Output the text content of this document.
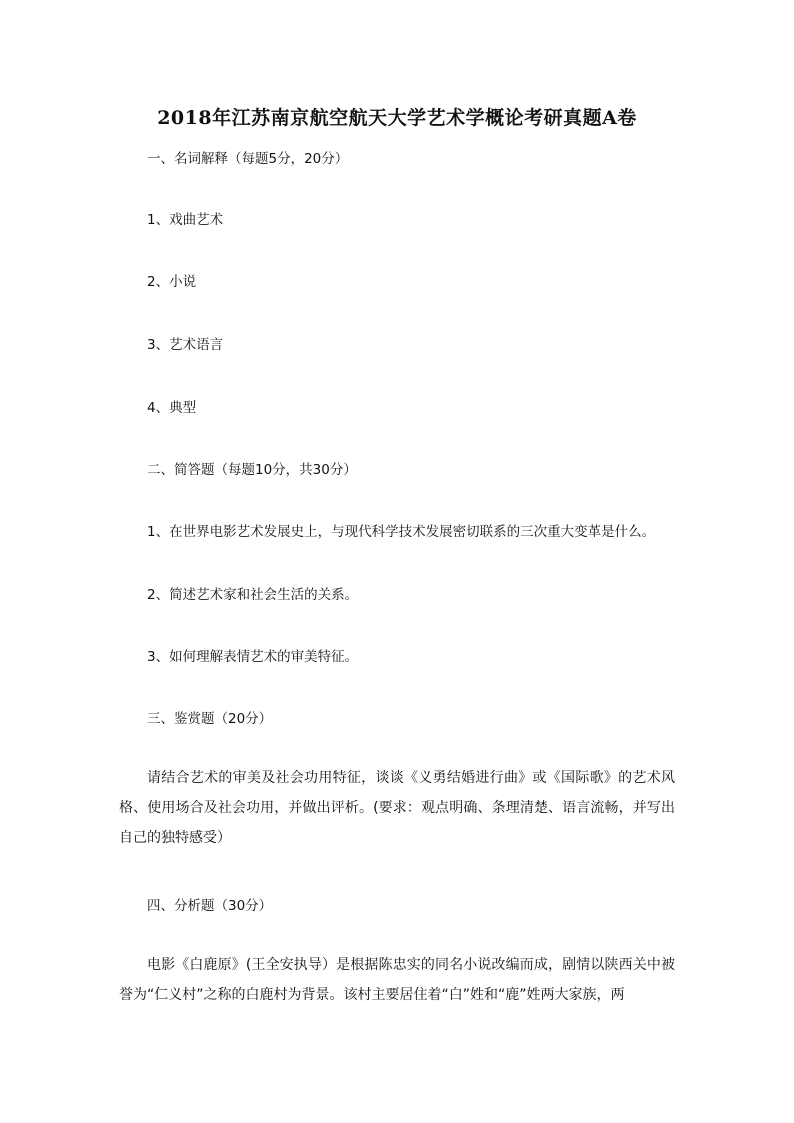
2018年江苏南京航空航天大学艺术学概论考研真题A卷
一、名词解释（每题5分，20分）
1、戏曲艺术
2、小说
3、艺术语言
4、典型
二、简答题（每题10分，共30分）
1、在世界电影艺术发展史上，与现代科学技术发展密切联系的三次重大变革是什么。
2、简述艺术家和社会生活的关系。
3、如何理解表情艺术的审美特征。
三、鉴赏题（20分）
请结合艺术的审美及社会功用特征，谈谈《义勇结婚进行曲》或《国际歌》的艺术风格、使用场合及社会功用，并做出评析。(要求：观点明确、条理清楚、语言流畅，并写出自己的独特感受）
四、分析题（30分）
电影《白鹿原》(王全安执导）是根据陈忠实的同名小说改编而成，剧情以陕西关中被誉为“仁义村”之称的白鹿村为背景。该村主要居住着“白”姓和“鹿”姓两大家族，两
